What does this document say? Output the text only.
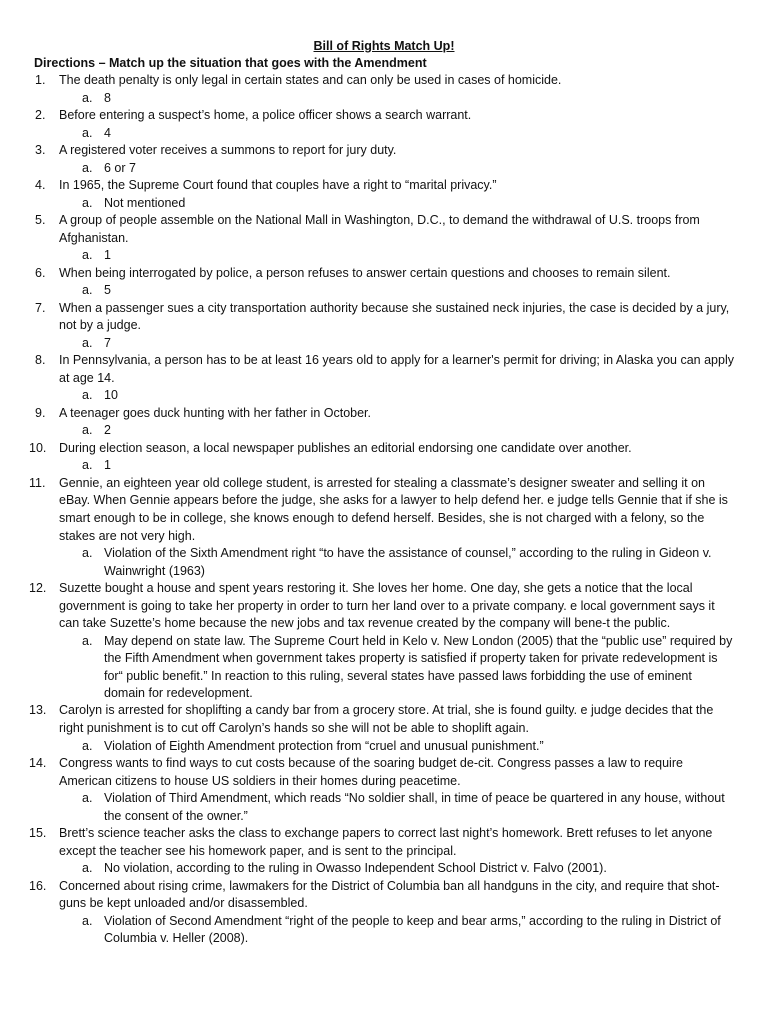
Bill of Rights Match Up!
Directions – Match up the situation that goes with the Amendment
1.	The death penalty is only legal in certain states and can only be used in cases of homicide.
a. 8
2.	Before entering a suspect’s home, a police officer shows a search warrant.
a. 4
3.	A registered voter receives a summons to report for jury duty.
a. 6 or 7
4.	In 1965, the Supreme Court found that couples have a right to “marital privacy.”
a. Not mentioned
5.	A group of people assemble on the National Mall in Washington, D.C., to demand the withdrawal of U.S. troops from Afghanistan.
a. 1
6.	When being interrogated by police, a person refuses to answer certain questions and chooses to remain silent.
a. 5
7.	When a passenger sues a city transportation authority because she sustained neck injuries, the case is decided by a jury, not by a judge.
a. 7
8.	In Pennsylvania, a person has to be at least 16 years old to apply for a learner's permit for driving; in Alaska you can apply at age 14.
a. 10
9.	A teenager goes duck hunting with her father in October.
a. 2
10.	During election season, a local newspaper publishes an editorial endorsing one candidate over another.
a. 1
11.	Gennie, an eighteen year old college student, is arrested for stealing a classmate’s designer sweater and selling it on eBay. When Gennie appears before the judge, she asks for a lawyer to help defend her. e judge tells Gennie that if she is smart enough to be in college, she knows enough to defend herself. Besides, she is not charged with a felony, so the stakes are not very high.
a. Violation of the Sixth Amendment right “to have the assistance of counsel,” according to the ruling in Gideon v. Wainwright (1963)
12.	Suzette bought a house and spent years restoring it. She loves her home. One day, she gets a notice that the local government is going to take her property in order to turn her land over to a private company. e local government says it can take Suzette’s home because the new jobs and tax revenue created by the company will bene-t the public.
a. May depend on state law. The Supreme Court held in Kelo v. New London (2005) that the “public use” required by the Fifth Amendment when government takes property is satisfied if property taken for private redevelopment is for“ public benefit.” In reaction to this ruling, several states have passed laws forbidding the use of eminent domain for redevelopment.
13.	Carolyn is arrested for shoplifting a candy bar from a grocery store. At trial, she is found guilty. e judge decides that the right punishment is to cut off Carolyn’s hands so she will not be able to shoplift again.
a. Violation of Eighth Amendment protection from “cruel and unusual punishment.”
14.	Congress wants to find ways to cut costs because of the soaring budget de-cit. Congress passes a law to require American citizens to house US soldiers in their homes during peacetime.
a. Violation of Third Amendment, which reads “No soldier shall, in time of peace be quartered in any house, without the consent of the owner.”
15.	Brett’s science teacher asks the class to exchange papers to correct last night’s homework. Brett refuses to let anyone except the teacher see his homework paper, and is sent to the principal.
a. No violation, according to the ruling in Owasso Independent School District v. Falvo (2001).
16.	Concerned about rising crime, lawmakers for the District of Columbia ban all handguns in the city, and require that shot-guns be kept unloaded and/or disassembled.
a. Violation of Second Amendment “right of the people to keep and bear arms,” according to the ruling in District of Columbia v. Heller (2008).
